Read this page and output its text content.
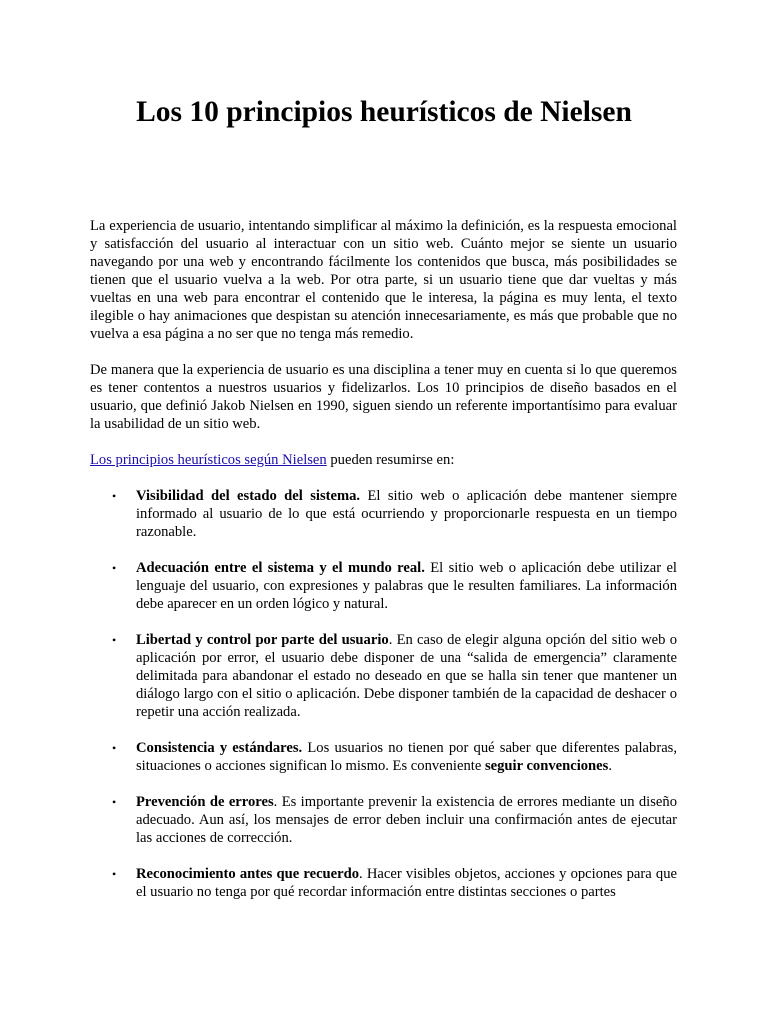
Los 10 principios heurísticos de Nielsen

La experiencia de usuario, intentando simplificar al máximo la definición, es la respuesta emocional y satisfacción del usuario al interactuar con un sitio web. Cuánto mejor se siente un usuario navegando por una web y encontrando fácilmente los contenidos que busca, más posibilidades se tienen que el usuario vuelva a la web. Por otra parte, si un usuario tiene que dar vueltas y más vueltas en una web para encontrar el contenido que le interesa, la página es muy lenta, el texto ilegible o hay animaciones que despistan su atención innecesariamente, es más que probable que no vuelva a esa página a no ser que no tenga más remedio.

De manera que la experiencia de usuario es una disciplina a tener muy en cuenta si lo que queremos es tener contentos a nuestros usuarios y fidelizarlos. Los 10 principios de diseño basados en el usuario, que definió Jakob Nielsen en 1990, siguen siendo un referente importantísimo para evaluar la usabilidad de un sitio web.

Los principios heurísticos según Nielsen pueden resumirse en:

• Visibilidad del estado del sistema. El sitio web o aplicación debe mantener siempre informado al usuario de lo que está ocurriendo y proporcionarle respuesta en un tiempo razonable.
• Adecuación entre el sistema y el mundo real. El sitio web o aplicación debe utilizar el lenguaje del usuario, con expresiones y palabras que le resulten familiares. La información debe aparecer en un orden lógico y natural.
• Libertad y control por parte del usuario. En caso de elegir alguna opción del sitio web o aplicación por error, el usuario debe disponer de una “salida de emergencia” claramente delimitada para abandonar el estado no deseado en que se halla sin tener que mantener un diálogo largo con el sitio o aplicación. Debe disponer también de la capacidad de deshacer o repetir una acción realizada.
• Consistencia y estándares. Los usuarios no tienen por qué saber que diferentes palabras, situaciones o acciones significan lo mismo. Es conveniente seguir convenciones.
• Prevención de errores. Es importante prevenir la existencia de errores mediante un diseño adecuado. Aun así, los mensajes de error deben incluir una confirmación antes de ejecutar las acciones de corrección.
• Reconocimiento antes que recuerdo. Hacer visibles objetos, acciones y opciones para que el usuario no tenga por qué recordar información entre distintas secciones o partes
